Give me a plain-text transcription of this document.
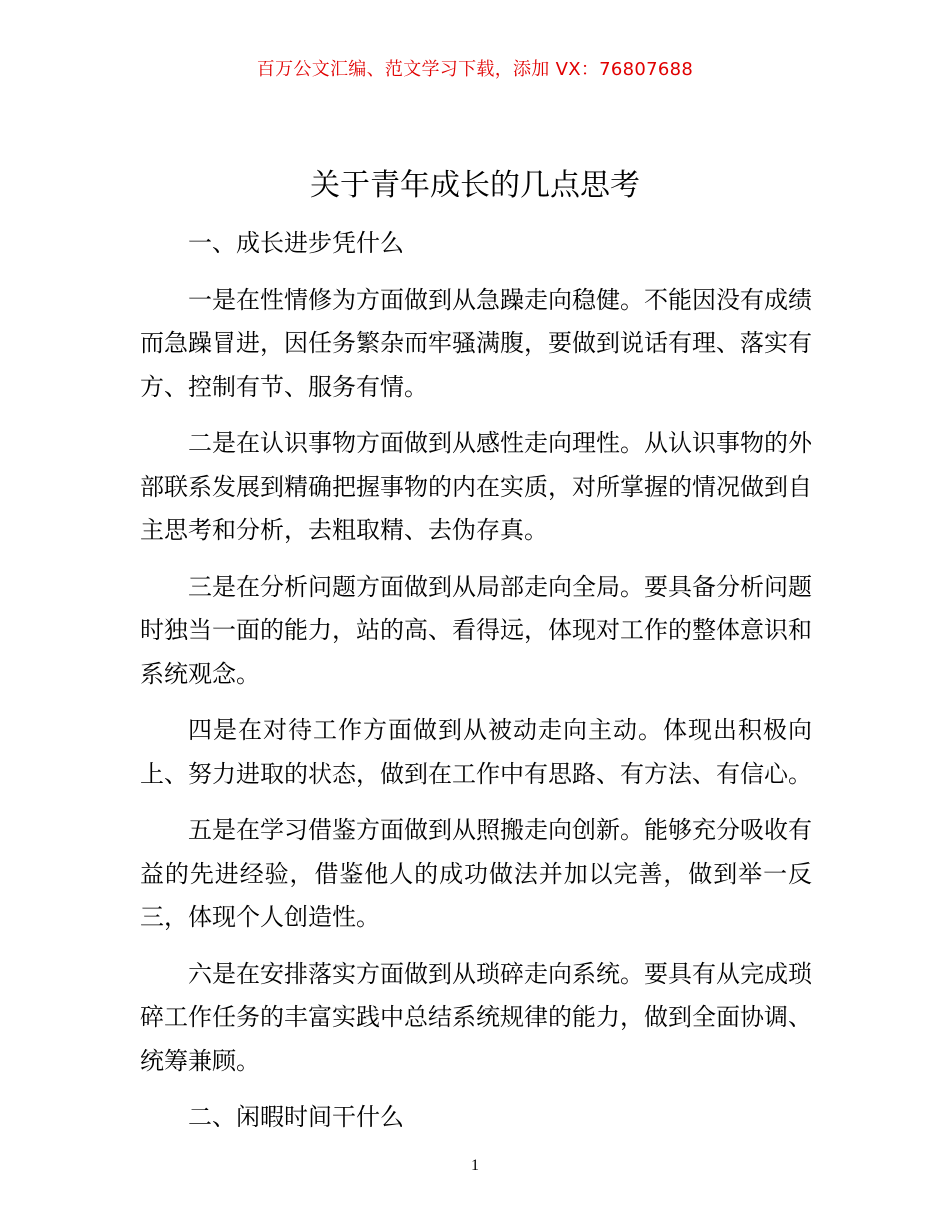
百万公文汇编、范文学习下载，添加 VX：76807688
关于青年成长的几点思考

一、成长进步凭什么

一是在性情修为方面做到从急躁走向稳健。不能因没有成绩而急躁冒进，因任务繁杂而牢骚满腹，要做到说话有理、落实有方、控制有节、服务有情。

二是在认识事物方面做到从感性走向理性。从认识事物的外部联系发展到精确把握事物的内在实质，对所掌握的情况做到自主思考和分析，去粗取精、去伪存真。

三是在分析问题方面做到从局部走向全局。要具备分析问题时独当一面的能力，站的高、看得远，体现对工作的整体意识和系统观念。

四是在对待工作方面做到从被动走向主动。体现出积极向上、努力进取的状态，做到在工作中有思路、有方法、有信心。

五是在学习借鉴方面做到从照搬走向创新。能够充分吸收有益的先进经验，借鉴他人的成功做法并加以完善，做到举一反三，体现个人创造性。

六是在安排落实方面做到从琐碎走向系统。要具有从完成琐碎工作任务的丰富实践中总结系统规律的能力，做到全面协调、统筹兼顾。

二、闲暇时间干什么

1
